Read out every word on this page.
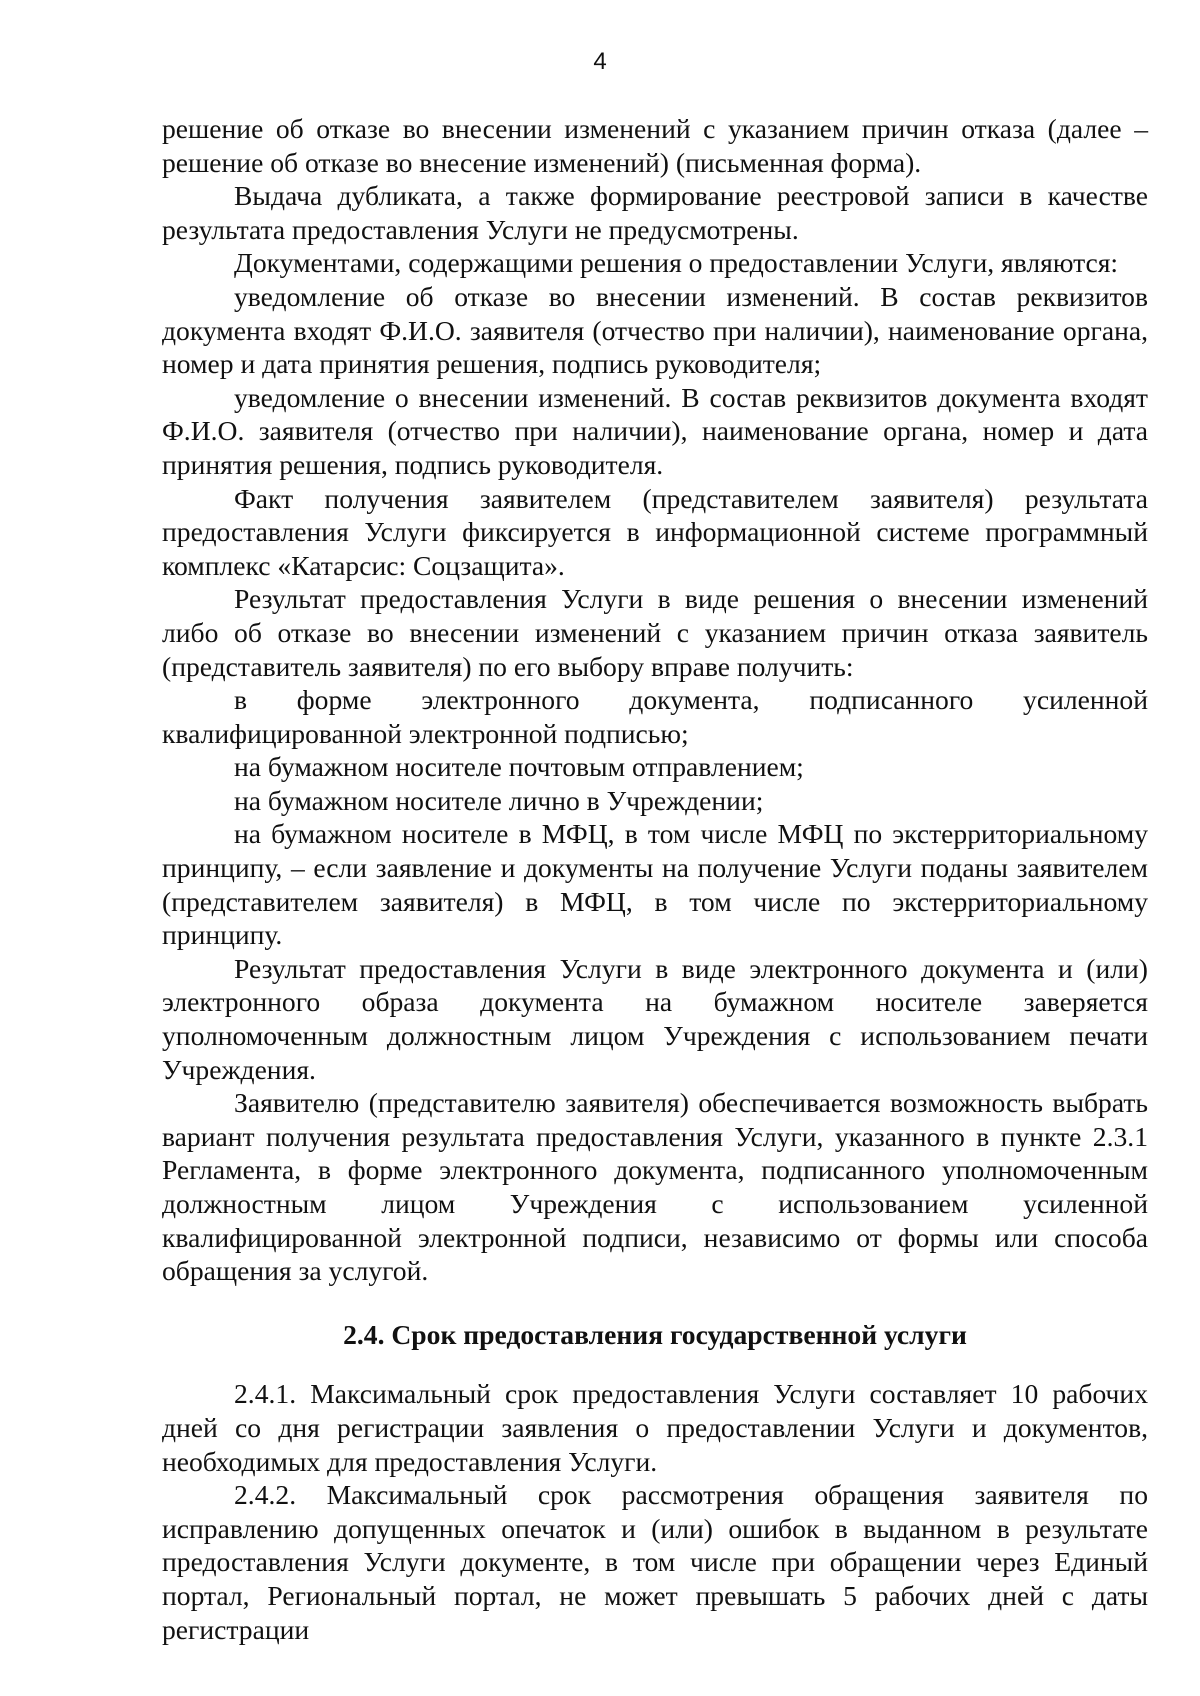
4

решение об отказе во внесении изменений с указанием причин отказа (далее – решение об отказе во внесение изменений) (письменная форма).

Выдача дубликата, а также формирование реестровой записи в качестве результата предоставления Услуги не предусмотрены.

Документами, содержащими решения о предоставлении Услуги, являются:

уведомление об отказе во внесении изменений. В состав реквизитов документа входят Ф.И.О. заявителя (отчество при наличии), наименование органа, номер и дата принятия решения, подпись руководителя;

уведомление о внесении изменений. В состав реквизитов документа входят Ф.И.О. заявителя (отчество при наличии), наименование органа, номер и дата принятия решения, подпись руководителя.

Факт получения заявителем (представителем заявителя) результата предоставления Услуги фиксируется в информационной системе программный комплекс «Катарсис: Соцзащита».

Результат предоставления Услуги в виде решения о внесении изменений либо об отказе во внесении изменений с указанием причин отказа заявитель (представитель заявителя) по его выбору вправе получить:

в форме электронного документа, подписанного усиленной квалифицированной электронной подписью;

на бумажном носителе почтовым отправлением;

на бумажном носителе лично в Учреждении;

на бумажном носителе в МФЦ, в том числе МФЦ по экстерриториальному принципу, – если заявление и документы на получение Услуги поданы заявителем (представителем заявителя) в МФЦ, в том числе по экстерриториальному принципу.

Результат предоставления Услуги в виде электронного документа и (или) электронного образа документа на бумажном носителе заверяется уполномоченным должностным лицом Учреждения с использованием печати Учреждения.

Заявителю (представителю заявителя) обеспечивается возможность выбрать вариант получения результата предоставления Услуги, указанного в пункте 2.3.1 Регламента, в форме электронного документа, подписанного уполномоченным должностным лицом Учреждения с использованием усиленной квалифицированной электронной подписи, независимо от формы или способа обращения за услугой.

2.4. Срок предоставления государственной услуги

2.4.1. Максимальный срок предоставления Услуги составляет 10 рабочих дней со дня регистрации заявления о предоставлении Услуги и документов, необходимых для предоставления Услуги.

2.4.2. Максимальный срок рассмотрения обращения заявителя по исправлению допущенных опечаток и (или) ошибок в выданном в результате предоставления Услуги документе, в том числе при обращении через Единый портал, Региональный портал, не может превышать 5 рабочих дней с даты регистрации
